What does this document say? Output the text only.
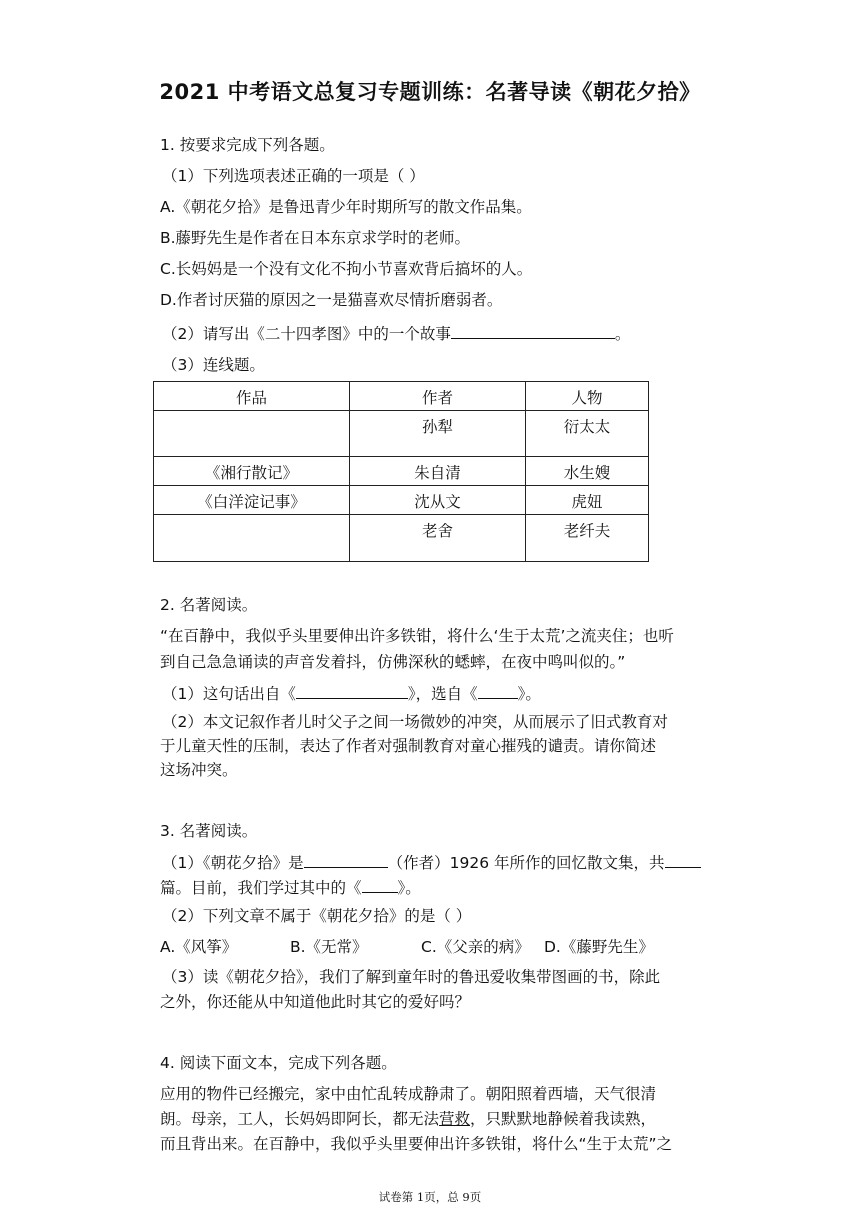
2021 中考语文总复习专题训练：名著导读《朝花夕拾》
1. 按要求完成下列各题。
（1）下列选项表述正确的一项是（ ）
A.《朝花夕拾》是鲁迅青少年时期所写的散文作品集。
B.藤野先生是作者在日本东京求学时的老师。
C.长妈妈是一个没有文化不拘小节喜欢背后搞坏的人。
D.作者讨厌猫的原因之一是猫喜欢尽情折磨弱者。
（2）请写出《二十四孝图》中的一个故事	。
（3）连线题。
作品	作者	人物
	孙犁	衍太太
《湘行散记》	朱自清	水生嫂
《白洋淀记事》	沈从文	虎妞
	老舍	老纤夫
2. 名著阅读。
“在百静中，我似乎头里要伸出许多铁钳，将什么‘生于太荒’之流夹住；也听
到自己急急诵读的声音发着抖，仿佛深秋的蟋蟀，在夜中鸣叫似的。”
（1）这句话出自《	》，选自《	》。
（2）本文记叙作者儿时父子之间一场微妙的冲突，从而展示了旧式教育对
于儿童天性的压制，表达了作者对强制教育对童心摧残的谴责。请你简述
这场冲突。
3. 名著阅读。
（1）《朝花夕拾》是	（作者）1926 年所作的回忆散文集，共
篇。目前，我们学过其中的《 》。
（2）下列文章不属于《朝花夕拾》的是（ ）
A.《风筝》	B.《无常》	C.《父亲的病》 D.《藤野先生》
（3）读《朝花夕拾》，我们了解到童年时的鲁迅爱收集带图画的书，除此
之外，你还能从中知道他此时其它的爱好吗？
4. 阅读下面文本，完成下列各题。
应用的物件已经搬完，家中由忙乱转成静肃了。朝阳照着西墙，天气很清
朗。母亲，工人，长妈妈即阿长，都无法营救，只默默地静候着我读熟，
而且背出来。在百静中，我似乎头里要伸出许多铁钳，将什么“生于太荒”之
试卷第 1页，总 9页
